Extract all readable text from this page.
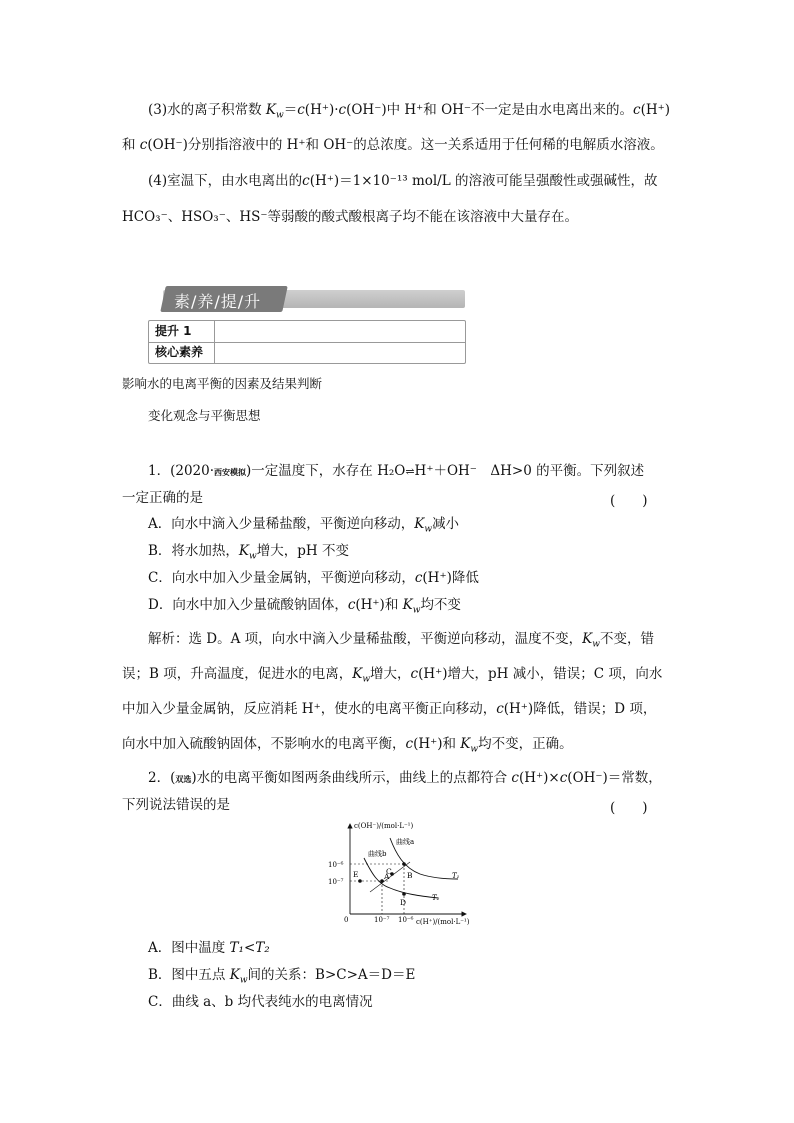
(3)水的离子积常数 $K_w=c(H^+)\cdot c(OH^-)$中 H⁺和 OH⁻不一定是由水电离出来的。c(H⁺)
和 c(OH⁻)分别指溶液中的 H⁺和 OH⁻的总浓度。这一关系适用于任何稀的电解质水溶液。
(4)室温下，由水电离出的c(H⁺)＝1×10⁻¹³ mol/L 的溶液可能呈强酸性或强碱性，故
HCO₃⁻、HSO₃⁻、HS⁻等弱酸的酸式酸根离子均不能在该溶液中大量存在。
素/养/提/升
提升 1
核心素养
影响水的电离平衡的因素及结果判断
变化观念与平衡思想
1．(2020·西安模拟)一定温度下，水存在 H₂O⇌H⁺＋OH⁻　ΔH>0 的平衡。下列叙述
一定正确的是	(　　)
A．向水中滴入少量稀盐酸，平衡逆向移动，$K_w$减小
B．将水加热，$K_w$增大，pH 不变
C．向水中加入少量金属钠，平衡逆向移动，c(H⁺)降低
D．向水中加入少量硫酸钠固体，c(H⁺)和 $K_w$均不变
解析：选 D。A 项，向水中滴入少量稀盐酸，平衡逆向移动，温度不变，$K_w$不变，错
误；B 项，升高温度，促进水的电离，$K_w$增大，c(H⁺)增大，pH 减小，错误；C 项，向水
中加入少量金属钠，反应消耗 H⁺，使水的电离平衡正向移动，c(H⁺)降低，错误；D 项，
向水中加入硫酸钠固体，不影响水的电离平衡，c(H⁺)和 $K_w$均不变，正确。
2．(双选)水的电离平衡如图两条曲线所示，曲线上的点都符合 c(H⁺)×c(OH⁻)＝常数，
下列说法错误的是	(　　)
c(OH⁻)/(mol·L⁻¹)
c(H⁺)/(mol·L⁻¹)
0	10⁻⁷ 10⁻⁶
10⁻⁶
10⁻⁷
曲线b
曲线a
T₁
T₂
E	A
C B
D
A．图中温度 T₁<T₂
B．图中五点 $K_w$间的关系：B>C>A＝D＝E
C．曲线 a、b 均代表纯水的电离情况
